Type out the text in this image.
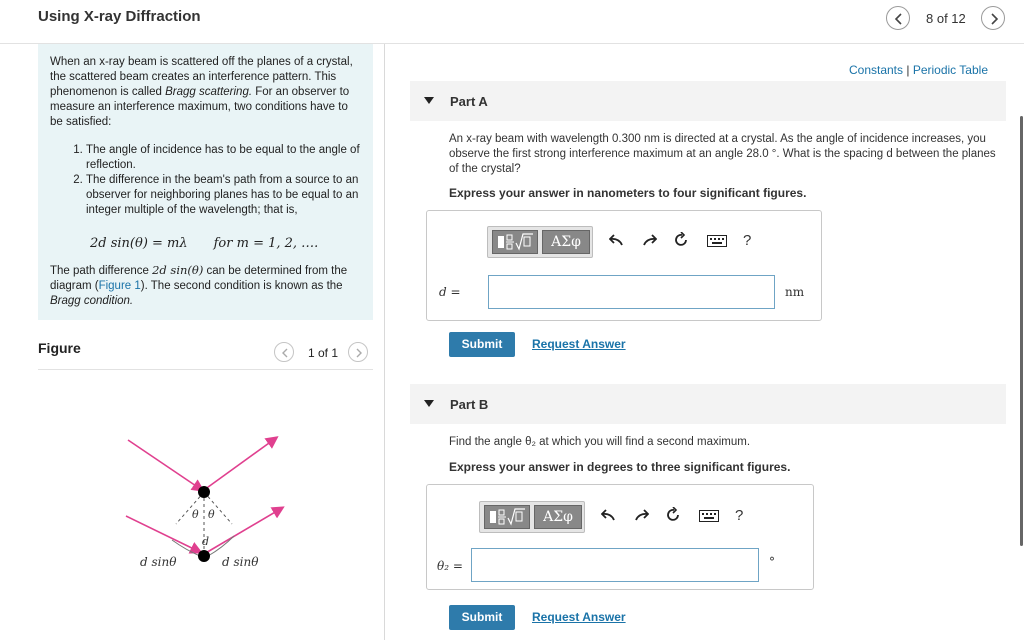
Using X-ray Diffraction	8 of 12

When an x-ray beam is scattered off the planes of a crystal, the scattered beam creates an interference pattern. This phenomenon is called Bragg scattering. For an observer to measure an interference maximum, two conditions have to be satisfied:

1. The angle of incidence has to be equal to the angle of reflection.
2. The difference in the beam's path from a source to an observer for neighboring planes has to be equal to an integer multiple of the wavelength; that is,
2d sin(θ) = mλ for m = 1, 2, ….

The path difference 2d sin(θ) can be determined from the diagram (Figure 1). The second condition is known as the Bragg condition.

Figure	1 of 1
θ θ
d
d sinθ	d sinθ
Constants | Periodic Table
Part A
An x-ray beam with wavelength 0.300 nm is directed at a crystal. As the angle of incidence increases, you observe the first strong interference maximum at an angle 28.0 °. What is the spacing d between the planes of the crystal?
Express your answer in nanometers to four significant figures.
ΑΣφ	?
d =	nm
Submit	Request Answer
Part B
Find the angle θ₂ at which you will find a second maximum.
Express your answer in degrees to three significant figures.
ΑΣφ	?
θ₂ =	°
Submit	Request Answer
